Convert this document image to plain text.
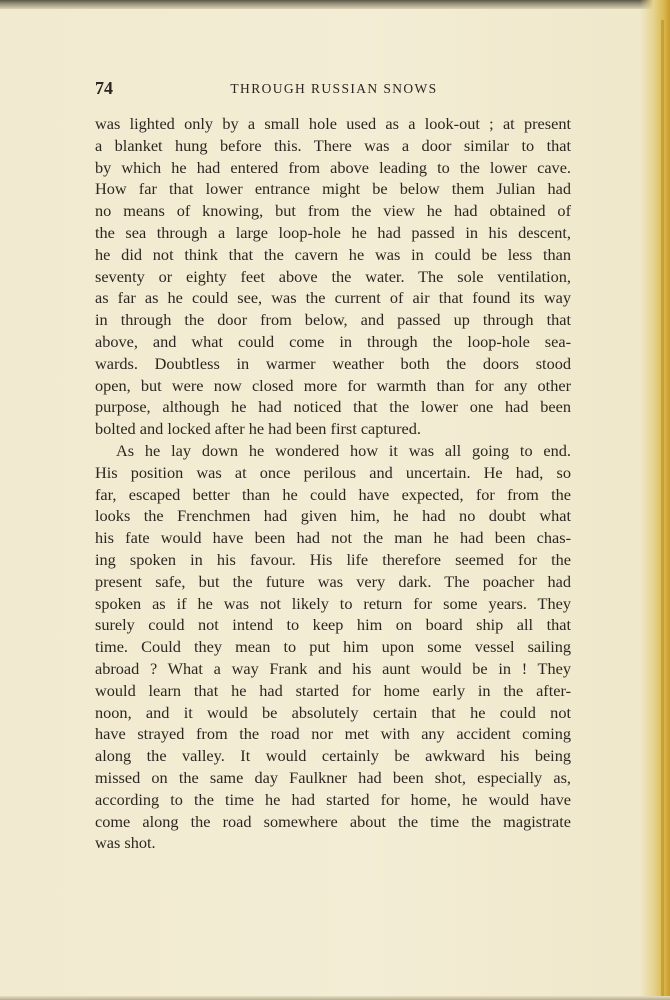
74	THROUGH RUSSIAN SNOWS
was lighted only by a small hole used as a look-out ; at present
a blanket hung before this. There was a door similar to that
by which he had entered from above leading to the lower cave.
How far that lower entrance might be below them Julian had
no means of knowing, but from the view he had obtained of
the sea through a large loop-hole he had passed in his descent,
he did not think that the cavern he was in could be less than
seventy or eighty feet above the water. The sole ventilation,
as far as he could see, was the current of air that found its way
in through the door from below, and passed up through that
above, and what could come in through the loop-hole sea-
wards. Doubtless in warmer weather both the doors stood
open, but were now closed more for warmth than for any other
purpose, although he had noticed that the lower one had been
bolted and locked after he had been first captured.
As he lay down he wondered how it was all going to end.
His position was at once perilous and uncertain. He had, so
far, escaped better than he could have expected, for from the
looks the Frenchmen had given him, he had no doubt what
his fate would have been had not the man he had been chas-
ing spoken in his favour. His life therefore seemed for the
present safe, but the future was very dark. The poacher had
spoken as if he was not likely to return for some years. They
surely could not intend to keep him on board ship all that
time. Could they mean to put him upon some vessel sailing
abroad ? What a way Frank and his aunt would be in ! They
would learn that he had started for home early in the after-
noon, and it would be absolutely certain that he could not
have strayed from the road nor met with any accident coming
along the valley. It would certainly be awkward his being
missed on the same day Faulkner had been shot, especially as,
according to the time he had started for home, he would have
come along the road somewhere about the time the magistrate
was shot.
